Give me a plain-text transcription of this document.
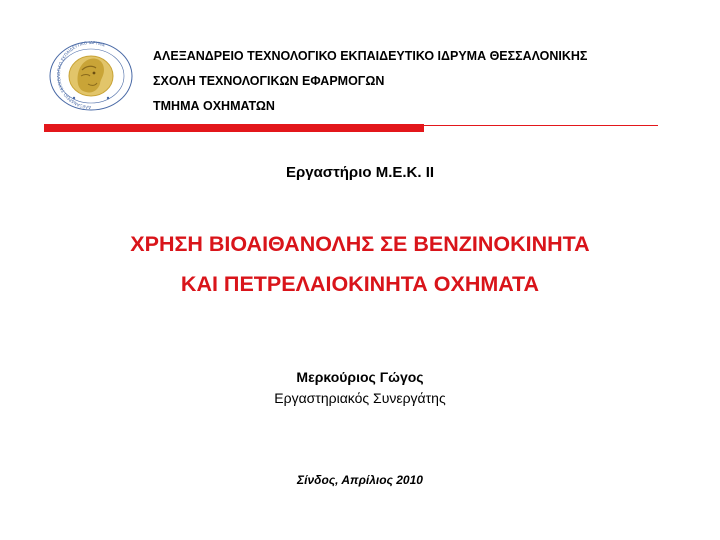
ΑΛΕΞΑΝΔΡΕΙΟ ΤΕΧΝΟΛΟΓΙΚΟ ΕΚΠΑΙΔΕΥΤΙΚΟ ΙΔΡΥΜΑ
ΑΛΕΞΑΝΔΡΕΙΟ ΤΕΧΝΟΛΟΓΙΚΟ ΕΚΠΑΙΔΕΥΤΙΚΟ ΙΔΡΥΜΑ ΘΕΣΣΑΛΟΝΙΚΗΣ
ΣΧΟΛΗ ΤΕΧΝΟΛΟΓΙΚΩΝ ΕΦΑΡΜΟΓΩΝ
ΤΜΗΜΑ ΟΧΗΜΑΤΩΝ
Εργαστήριο Μ.Ε.Κ. ΙΙ
ΧΡΗΣΗ ΒΙΟΑΙΘΑΝΟΛΗΣ ΣΕ ΒΕΝΖΙΝΟΚΙΝΗΤΑ
ΚΑΙ ΠΕΤΡΕΛΑΙΟΚΙΝΗΤΑ ΟΧΗΜΑΤΑ
Μερκούριος Γώγος
Εργαστηριακός Συνεργάτης
Σίνδος, Απρίλιος 2010
